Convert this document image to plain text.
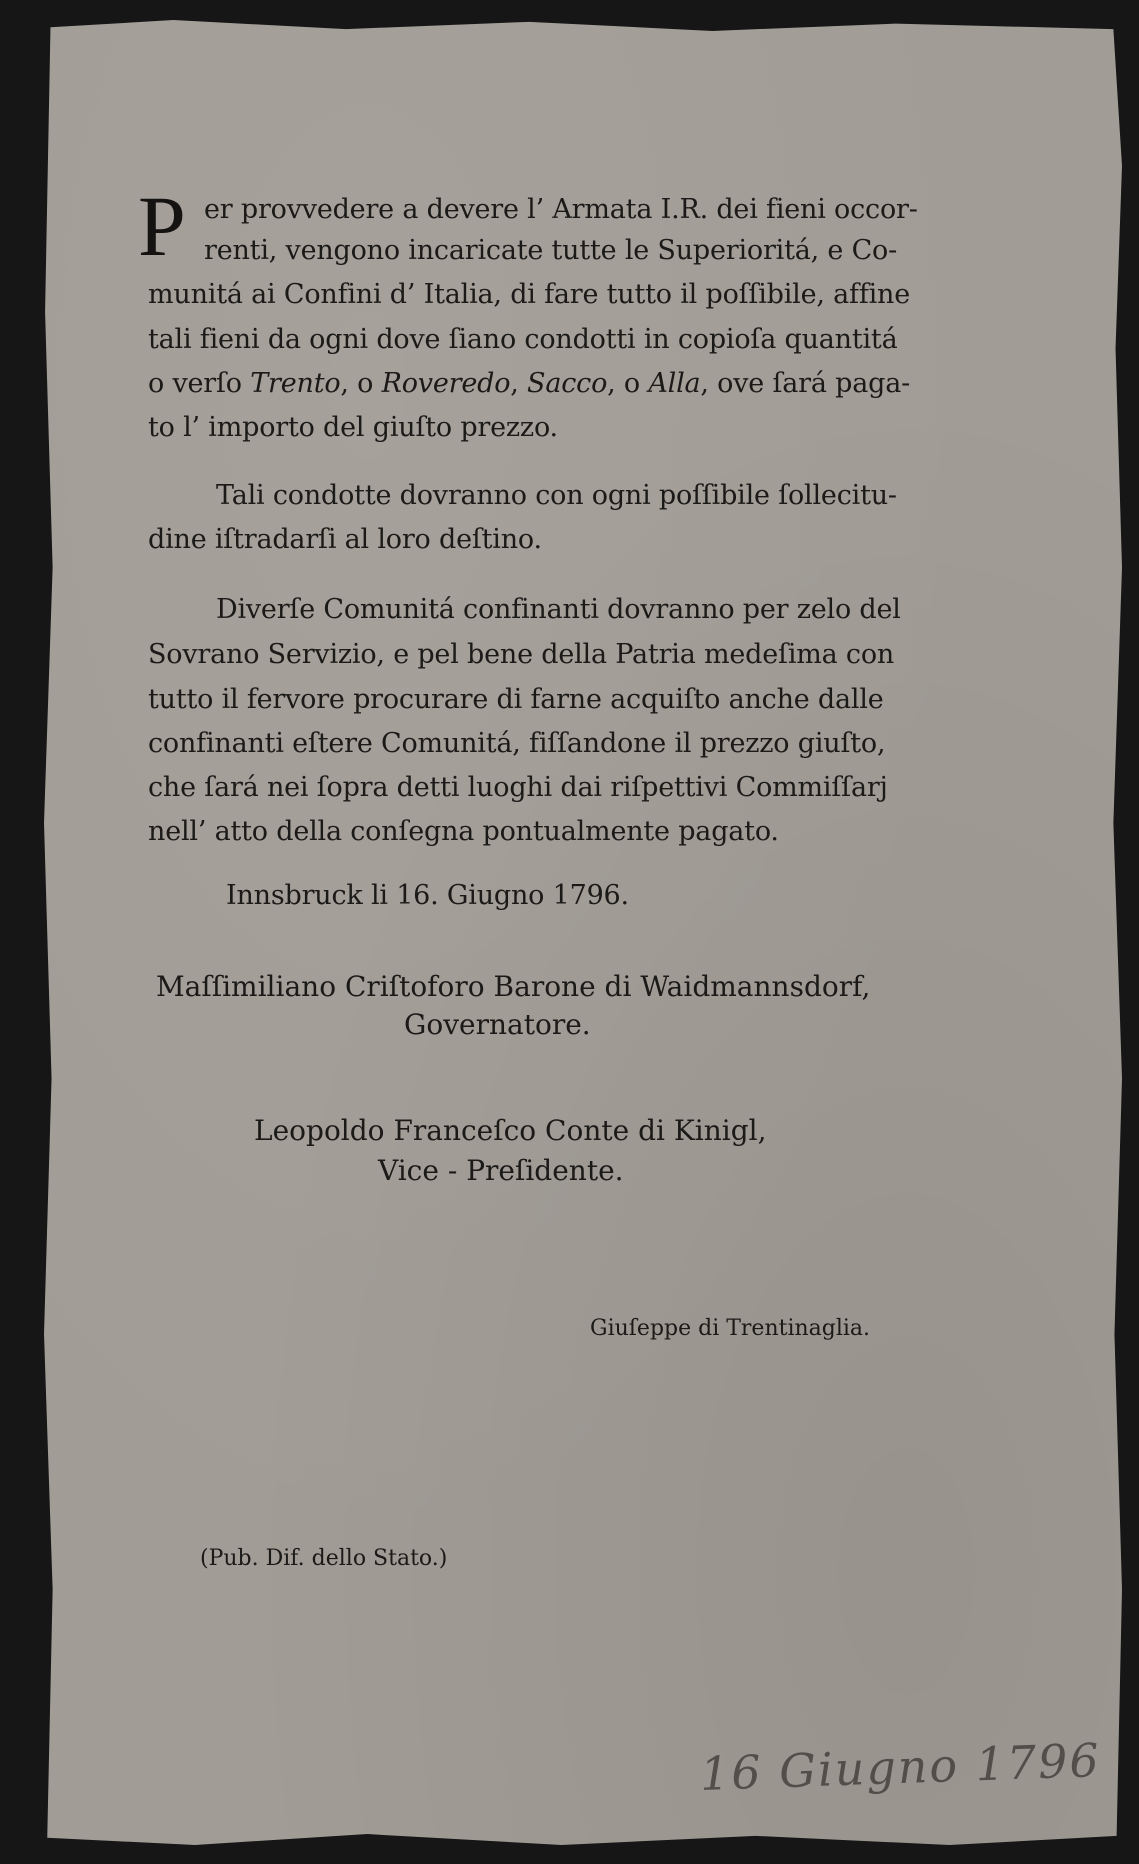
P er provvedere a devere l’ Armata I.R. dei fieni occor-
renti, vengono incaricate tutte le Superioritá, e Co-
munitá ai Confini d’ Italia, di fare tutto il poſſibile, affine
tali fieni da ogni dove ſiano condotti in copioſa quantitá
o verſo Trento, o Roveredo, Sacco, o Alla, ove ſará paga-
to l’ importo del giuſto prezzo.
Tali condotte dovranno con ogni poſſibile ſollecitu-
dine iſtradarſi al loro deſtino.
Diverſe Comunitá confinanti dovranno per zelo del
Sovrano Servizio, e pel bene della Patria medeſima con
tutto il fervore procurare di farne acquiſto anche dalle
confinanti eſtere Comunitá, fiſſandone il prezzo giuſto,
che ſará nei ſopra detti luoghi dai riſpettivi Commiſſarj
nell’ atto della conſegna pontualmente pagato.
Innsbruck li 16. Giugno 1796.
Maſſimiliano Criſtoforo Barone di Waidmannsdorf,
Governatore.
Leopoldo Franceſco Conte di Kinigl,
Vice - Preſidente.
Giuſeppe di Trentinaglia.
(Pub. Dif. dello Stato.)
16 Giugno 1796
